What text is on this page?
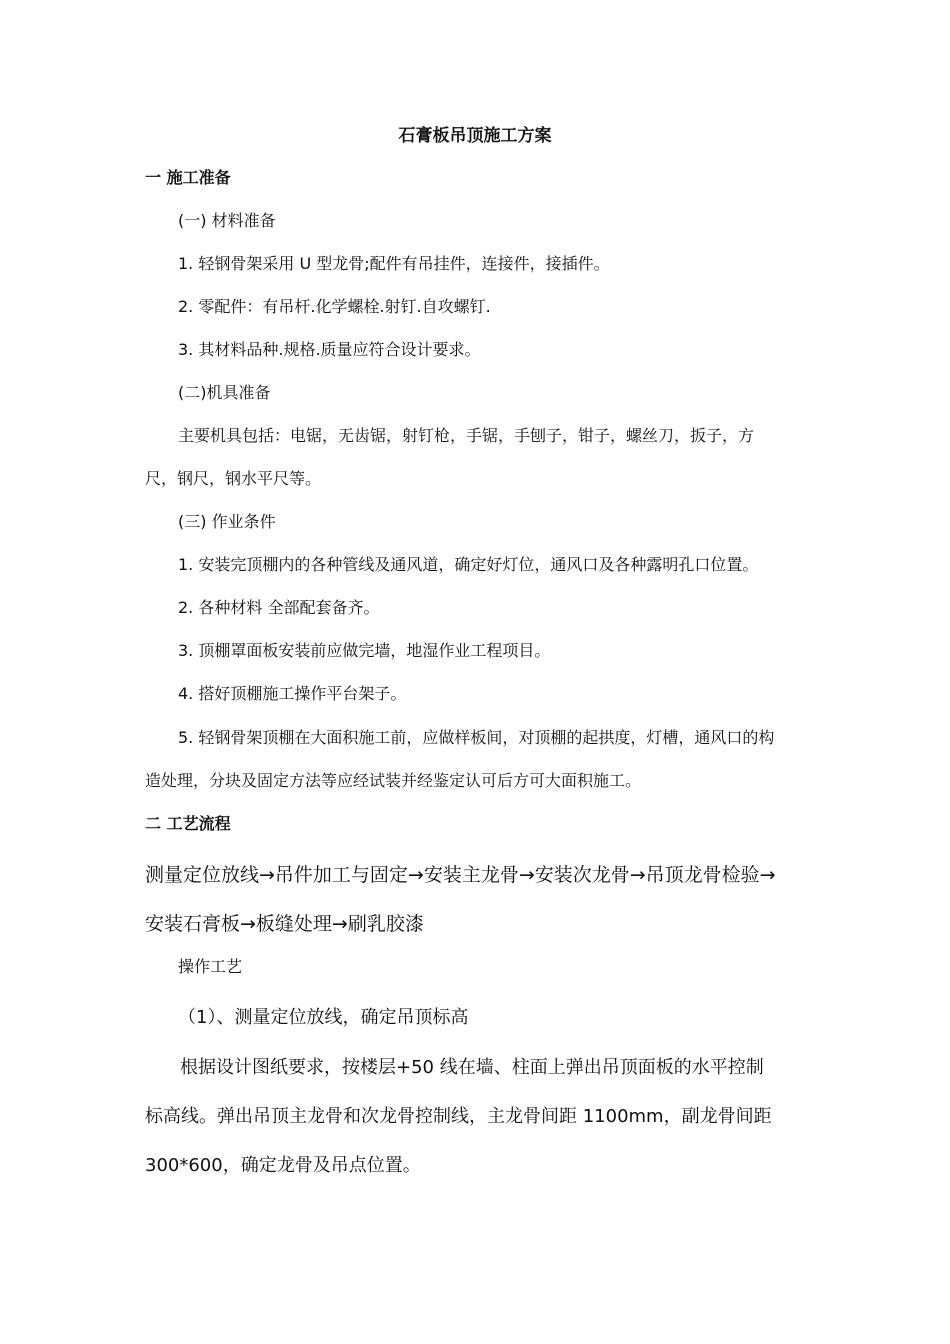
石膏板吊顶施工方案

一 施工准备

(一) 材料准备

1. 轻钢骨架采用 U 型龙骨;配件有吊挂件，连接件，接插件。

2. 零配件：有吊杆.化学螺栓.射钉.自攻螺钉.

3. 其材料品种.规格.质量应符合设计要求。

(二)机具准备

主要机具包括：电锯，无齿锯，射钉枪，手锯，手刨子，钳子，螺丝刀，扳子，方

尺，钢尺，钢水平尺等。

(三) 作业条件

1. 安装完顶棚内的各种管线及通风道，确定好灯位，通风口及各种露明孔口位置。

2. 各种材料 全部配套备齐。

3. 顶棚罩面板安装前应做完墙，地湿作业工程项目。

4. 搭好顶棚施工操作平台架子。

5. 轻钢骨架顶棚在大面积施工前，应做样板间，对顶棚的起拱度，灯槽，通风口的构

造处理，分块及固定方法等应经试装并经鉴定认可后方可大面积施工。

二 工艺流程

测量定位放线→吊件加工与固定→安装主龙骨→安装次龙骨→吊顶龙骨检验→

安装石膏板→板缝处理→刷乳胶漆

操作工艺

（1）、测量定位放线，确定吊顶标高

根据设计图纸要求，按楼层+50 线在墙、柱面上弹出吊顶面板的水平控制

标高线。弹出吊顶主龙骨和次龙骨控制线，主龙骨间距 1100mm，副龙骨间距

300*600，确定龙骨及吊点位置。
